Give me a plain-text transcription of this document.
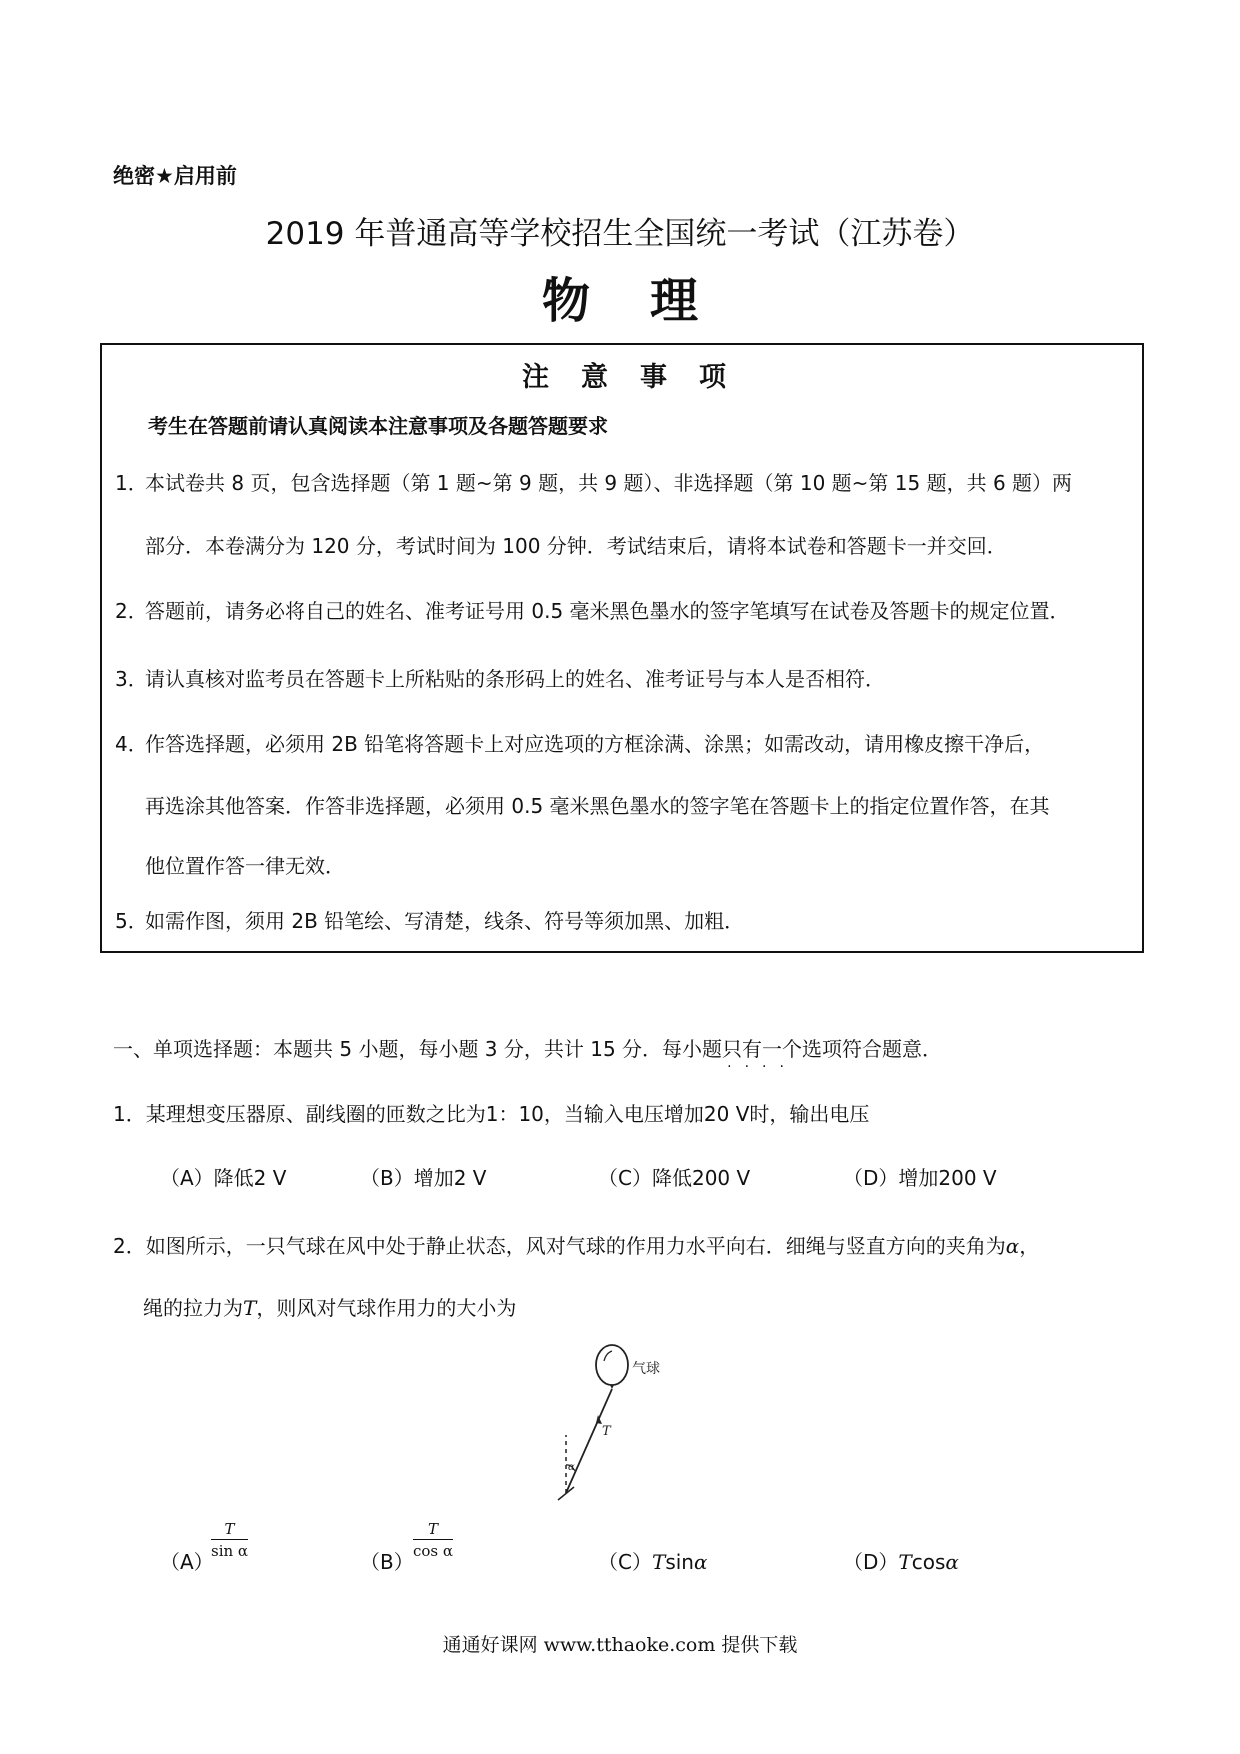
绝密★启用前
2019 年普通高等学校招生全国统一考试（江苏卷）
物 理
注意事项
考生在答题前请认真阅读本注意事项及各题答题要求
1．本试卷共 8 页，包含选择题（第 1 题~第 9 题，共 9 题）、非选择题（第 10 题~第 15 题，共 6 题）两
部分．本卷满分为 120 分，考试时间为 100 分钟．考试结束后，请将本试卷和答题卡一并交回．
2．答题前，请务必将自己的姓名、准考证号用 0.5 毫米黑色墨水的签字笔填写在试卷及答题卡的规定位置．
3．请认真核对监考员在答题卡上所粘贴的条形码上的姓名、准考证号与本人是否相符．
4．作答选择题，必须用 2B 铅笔将答题卡上对应选项的方框涂满、涂黑；如需改动，请用橡皮擦干净后，
再选涂其他答案．作答非选择题，必须用 0.5 毫米黑色墨水的签字笔在答题卡上的指定位置作答，在其
他位置作答一律无效．
5．如需作图，须用 2B 铅笔绘、写清楚，线条、符号等须加黑、加粗．
一、单项选择题：本题共 5 小题，每小题 3 分，共计 15 分．每小题只有一个
····
选项符合题意．
1．某理想变压器原、副线圈的匝数之比为1：10，当输入电压增加20 V时，输出电压
（A）降低2 V	（B）增加2 V	（C）降低200 V	（D）增加200 V
2．如图所示，一只气球在风中处于静止状态，风对气球的作用力水平向右．细绳与竖直方向的夹角为α，
绳的拉力为T，则风对气球作用力的大小为
气球
T
α
（A）
$\frac{T}{\text{sin α}}$
（B）
$\frac{T}{\text{cos α}}$
（C）Tsinα	（D）Tcosα
通通好课网 www.tthaoke.com 提供下载
